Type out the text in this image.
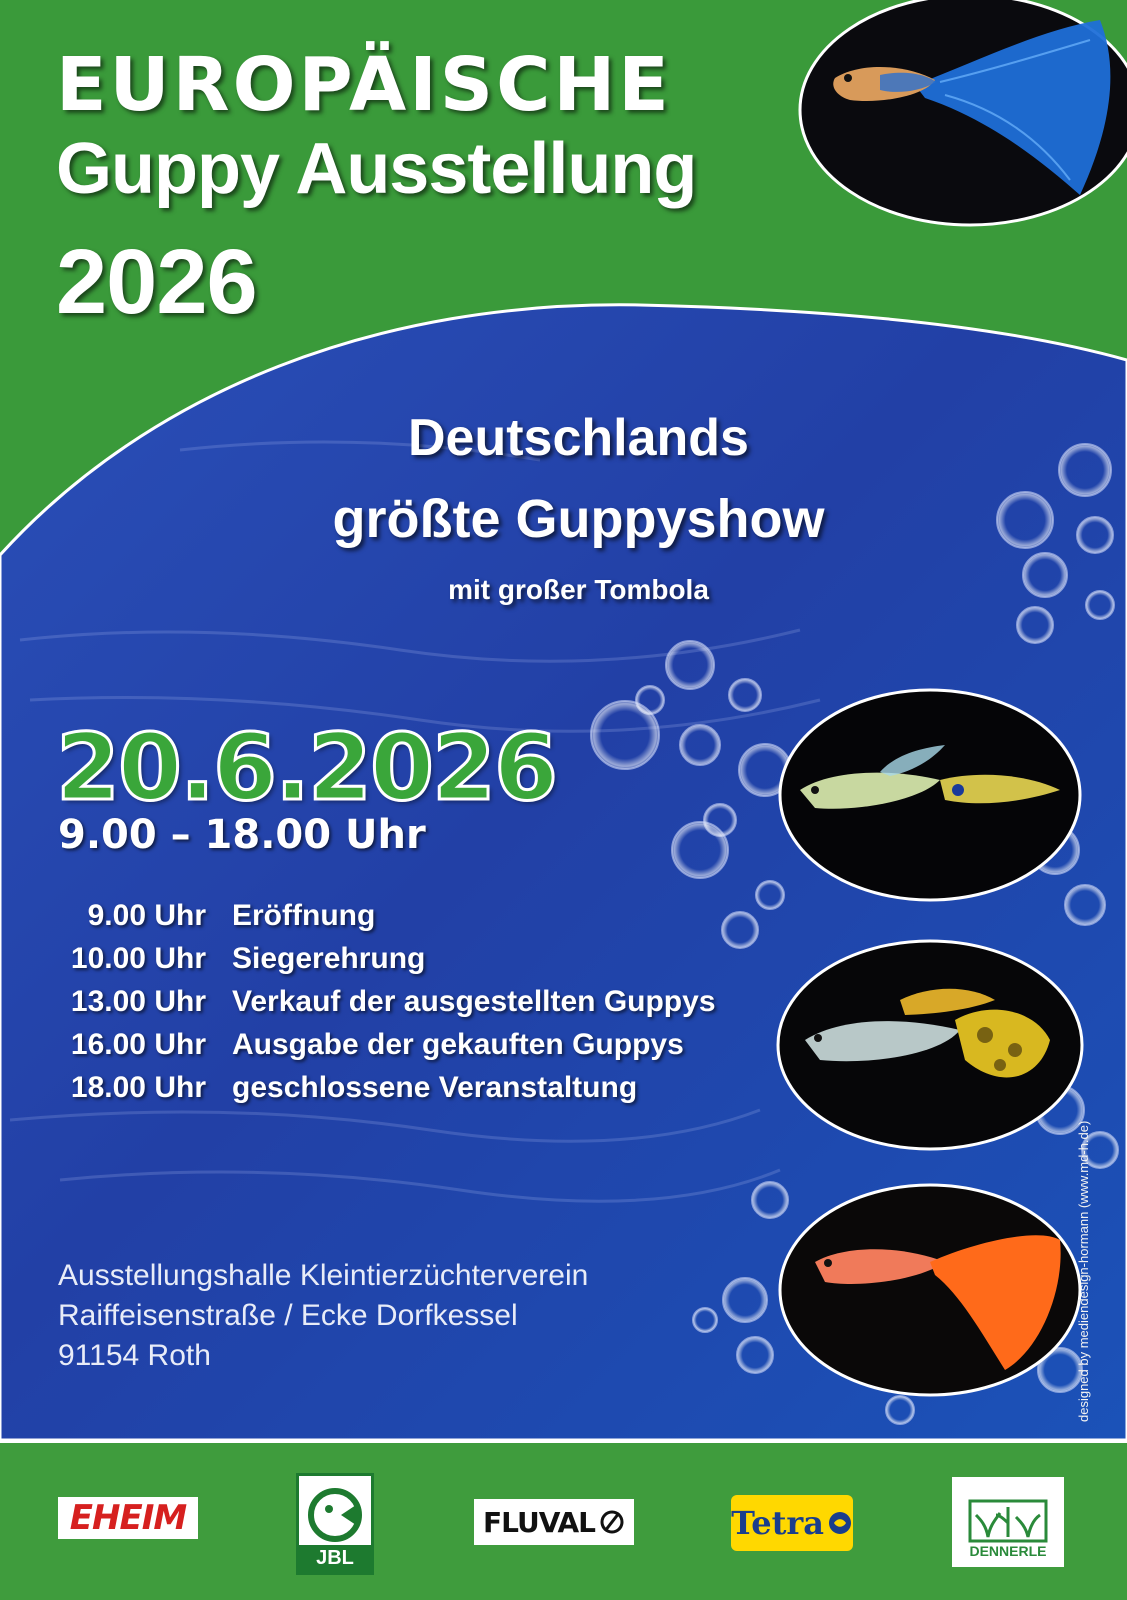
EUROPÄISCHE
Guppy Ausstellung
2026
Deutschlands
größte Guppyshow
mit großer Tombola
20.6.2026
9.00 – 18.00 Uhr
9.00 Uhr Eröffnung
10.00 Uhr Siegerehrung
13.00 Uhr Verkauf der ausgestellten Guppys
16.00 Uhr Ausgabe der gekauften Guppys
18.00 Uhr geschlossene Veranstaltung
Ausstellungshalle Kleintierzüchterverein
Raiffeisenstraße / Ecke Dorfkessel
91154 Roth	designed by mediendesign-hormann (www.md-h.de)
EHEIM
JBL
FLUVAL	Tetra
DENNERLE
